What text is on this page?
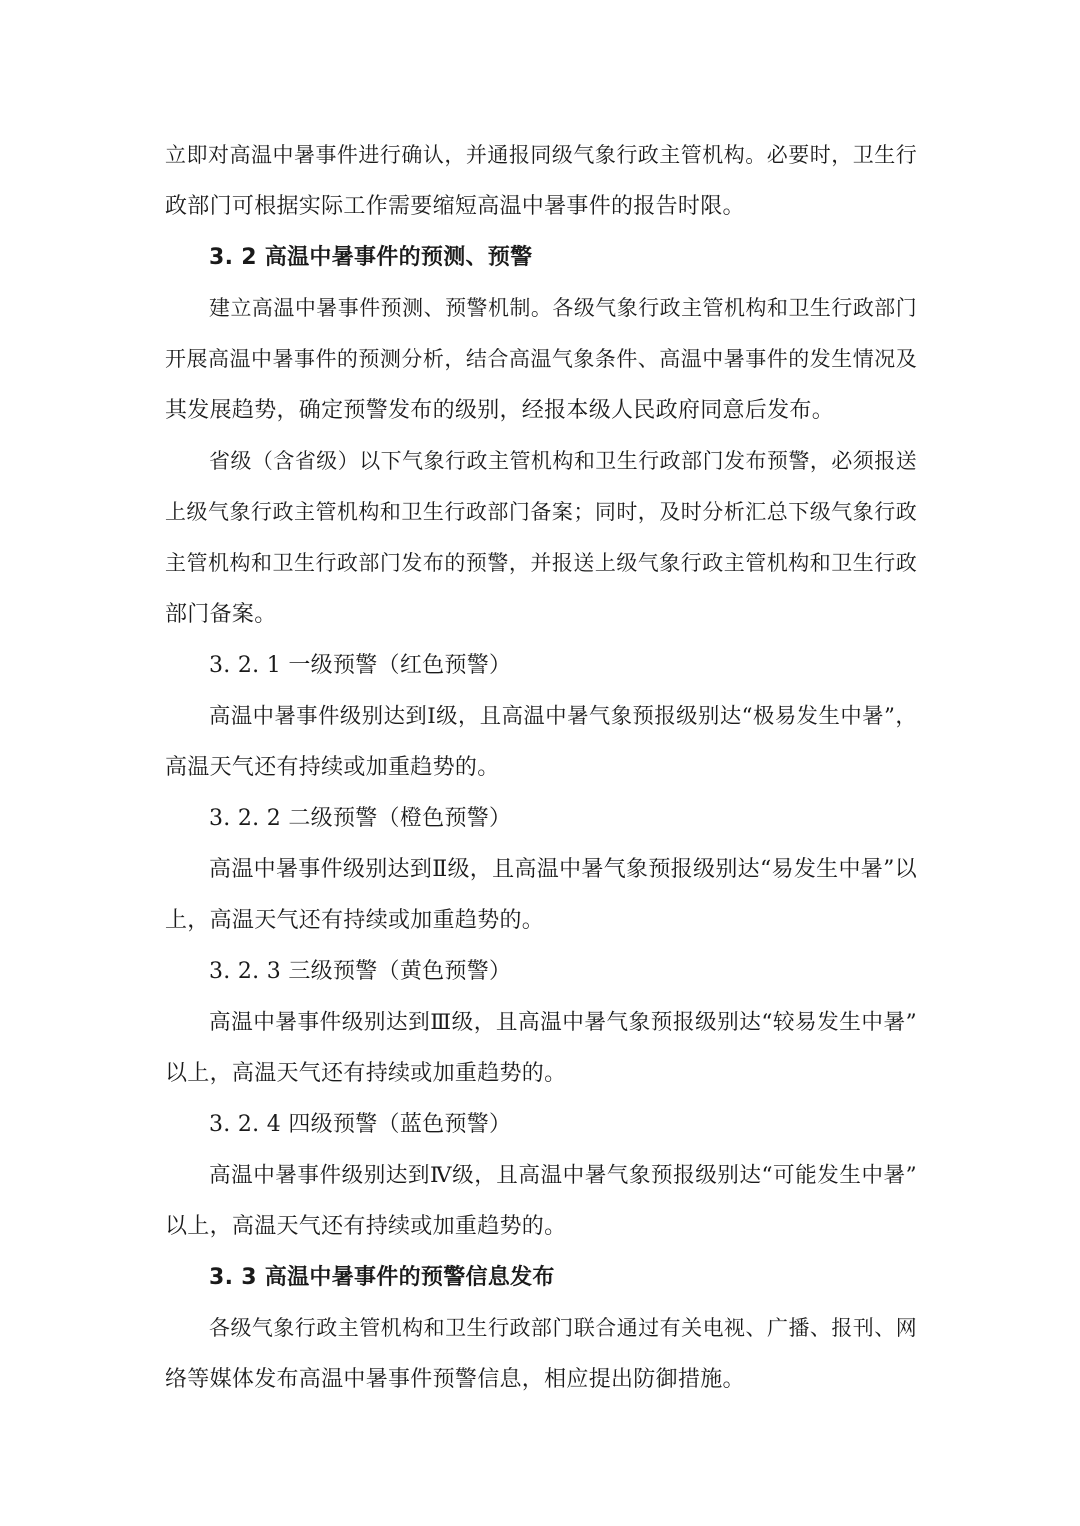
立即对高温中暑事件进行确认，并通报同级气象行政主管机构。必要时，卫生行
政部门可根据实际工作需要缩短高温中暑事件的报告时限。
3. 2 高温中暑事件的预测、预警
建立高温中暑事件预测、预警机制。各级气象行政主管机构和卫生行政部门
开展高温中暑事件的预测分析，结合高温气象条件、高温中暑事件的发生情况及
其发展趋势，确定预警发布的级别，经报本级人民政府同意后发布。
省级（含省级）以下气象行政主管机构和卫生行政部门发布预警，必须报送
上级气象行政主管机构和卫生行政部门备案；同时，及时分析汇总下级气象行政
主管机构和卫生行政部门发布的预警，并报送上级气象行政主管机构和卫生行政
部门备案。
3. 2. 1 一级预警（红色预警）
高温中暑事件级别达到Ⅰ级，且高温中暑气象预报级别达“极易发生中暑”，
高温天气还有持续或加重趋势的。
3. 2. 2 二级预警（橙色预警）
高温中暑事件级别达到Ⅱ级，且高温中暑气象预报级别达“易发生中暑”以
上，高温天气还有持续或加重趋势的。
3. 2. 3 三级预警（黄色预警）
高温中暑事件级别达到Ⅲ级，且高温中暑气象预报级别达“较易发生中暑”
以上，高温天气还有持续或加重趋势的。
3. 2. 4 四级预警（蓝色预警）
高温中暑事件级别达到Ⅳ级，且高温中暑气象预报级别达“可能发生中暑”
以上，高温天气还有持续或加重趋势的。
3. 3 高温中暑事件的预警信息发布
各级气象行政主管机构和卫生行政部门联合通过有关电视、广播、报刊、网
络等媒体发布高温中暑事件预警信息，相应提出防御措施。
